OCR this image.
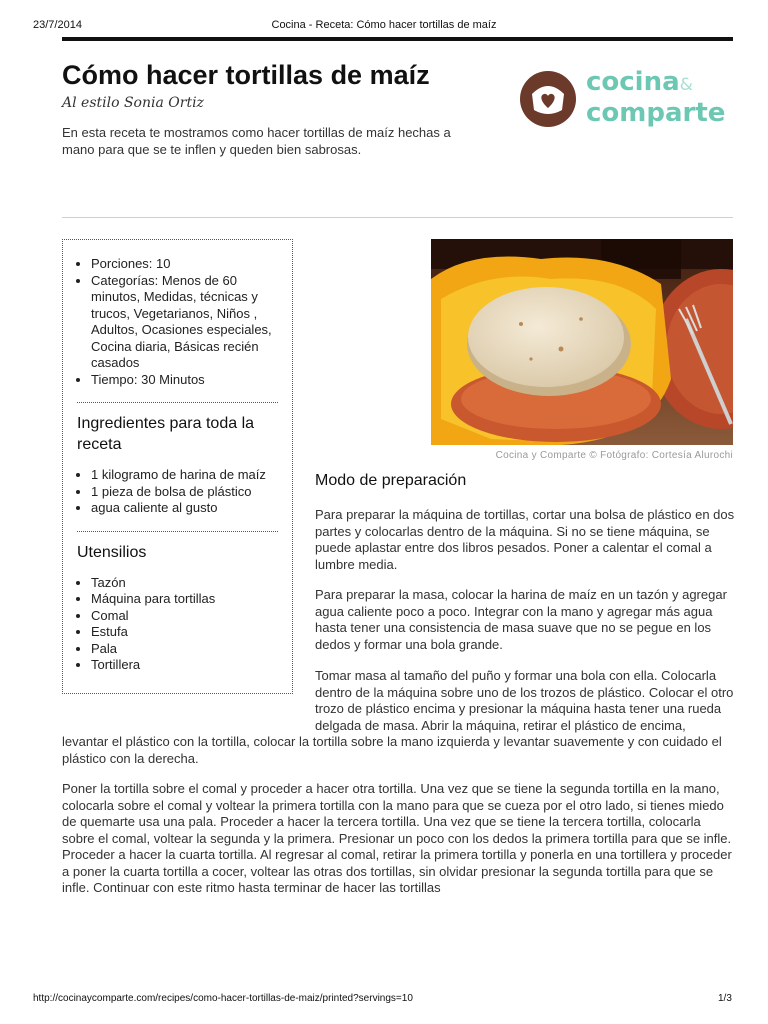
23/7/2014	Cocina - Receta: Cómo hacer tortillas de maíz
Cómo hacer tortillas de maíz
Al estilo Sonia Ortiz

En esta receta te mostramos como hacer tortillas de maíz hechas a mano para que se te inflen y queden bien sabrosas.

cocina&
comparte
• Porciones: 10
• Categorías: Menos de 60 minutos, Medidas, técnicas y trucos, Vegetarianos, Niños , Adultos, Ocasiones especiales, Cocina diaria, Básicas recién casados
• Tiempo: 30 Minutos
Ingredientes para toda la receta
• 1 kilogramo de harina de maíz
• 1 pieza de bolsa de plástico
• agua caliente al gusto
Utensilios
• Tazón
• Máquina para tortillas
• Comal
• Estufa
• Pala
• Tortillera
Cocina y Comparte © Fotógrafo: Cortesía Alurochi
Modo de preparación

Para preparar la máquina de tortillas, cortar una bolsa de plástico en dos partes y colocarlas dentro de la máquina. Si no se tiene máquina, se puede aplastar entre dos libros pesados. Poner a calentar el comal a lumbre media.

Para preparar la masa, colocar la harina de maíz en un tazón y agregar agua caliente poco a poco. Integrar con la mano y agregar más agua hasta tener una consistencia de masa suave que no se pegue en los dedos y formar una bola grande.

Tomar masa al tamaño del puño y formar una bola con ella. Colocarla dentro de la máquina sobre uno de los trozos de plástico. Colocar el otro trozo de plástico encima y presionar la máquina hasta tener una rueda delgada de masa. Abrir la máquina, retirar el plástico de encima,

levantar el plástico con la tortilla, colocar la tortilla sobre la mano izquierda y levantar suavemente y con cuidado el plástico con la derecha.

Poner la tortilla sobre el comal y proceder a hacer otra tortilla. Una vez que se tiene la segunda tortilla en la mano, colocarla sobre el comal y voltear la primera tortilla con la mano para que se cueza por el otro lado, si tienes miedo de quemarte usa una pala. Proceder a hacer la tercera tortilla. Una vez que se tiene la tercera tortilla, colocarla sobre el comal, voltear la segunda y la primera. Presionar un poco con los dedos la primera tortilla para que se infle. Proceder a hacer la cuarta tortilla. Al regresar al comal, retirar la primera tortilla y ponerla en una tortillera y proceder a poner la cuarta tortilla a cocer, voltear las otras dos tortillas, sin olvidar presionar la segunda tortilla para que se infle. Continuar con este ritmo hasta terminar de hacer las tortillas

http://cocinaycomparte.com/recipes/como-hacer-tortillas-de-maiz/printed?servings=10	1/3
